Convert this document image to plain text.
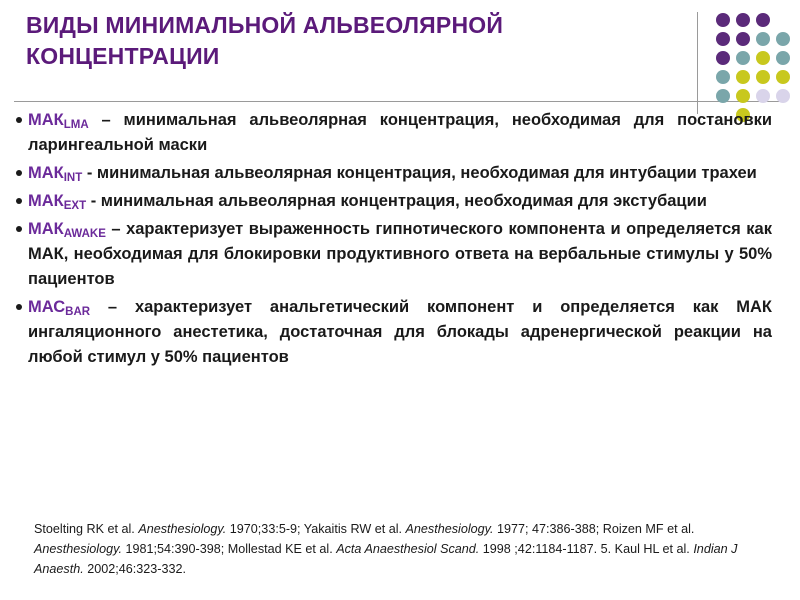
ВИДЫ МИНИМАЛЬНОЙ АЛЬВЕОЛЯРНОЙ КОНЦЕНТРАЦИИ
$МАК_{LMA}$ – минимальная альвеолярная концентрация, необходимая для постановки ларингеальной маски
$МАК_{INT}$ - минимальная альвеолярная концентрация, необходимая для интубации трахеи
$МАК_{EXT}$ - минимальная альвеолярная концентрация, необходимая для экстубации
$МАК_{AWAKE}$ – характеризует выраженность гипнотического компонента и определяется как МАК, необходимая для блокировки продуктивного ответа на вербальные стимулы у 50% пациентов
$МАС_{BAR}$ – характеризует анальгетический компонент и определяется как МАК ингаляционного анестетика, достаточная для блокады адренергической реакции на любой стимул у 50% пациентов
Stoelting RK et al. Anesthesiology. 1970;33:5-9; Yakaitis RW et al. Anesthesiology. 1977; 47:386-388; Roizen MF et al. Anesthesiology. 1981;54:390-398; Mollestad KE et al. Acta Anaesthesiol Scand. 1998 ;42:1184-1187. 5. Kaul HL et al. Indian J Anaesth. 2002;46:323-332.
